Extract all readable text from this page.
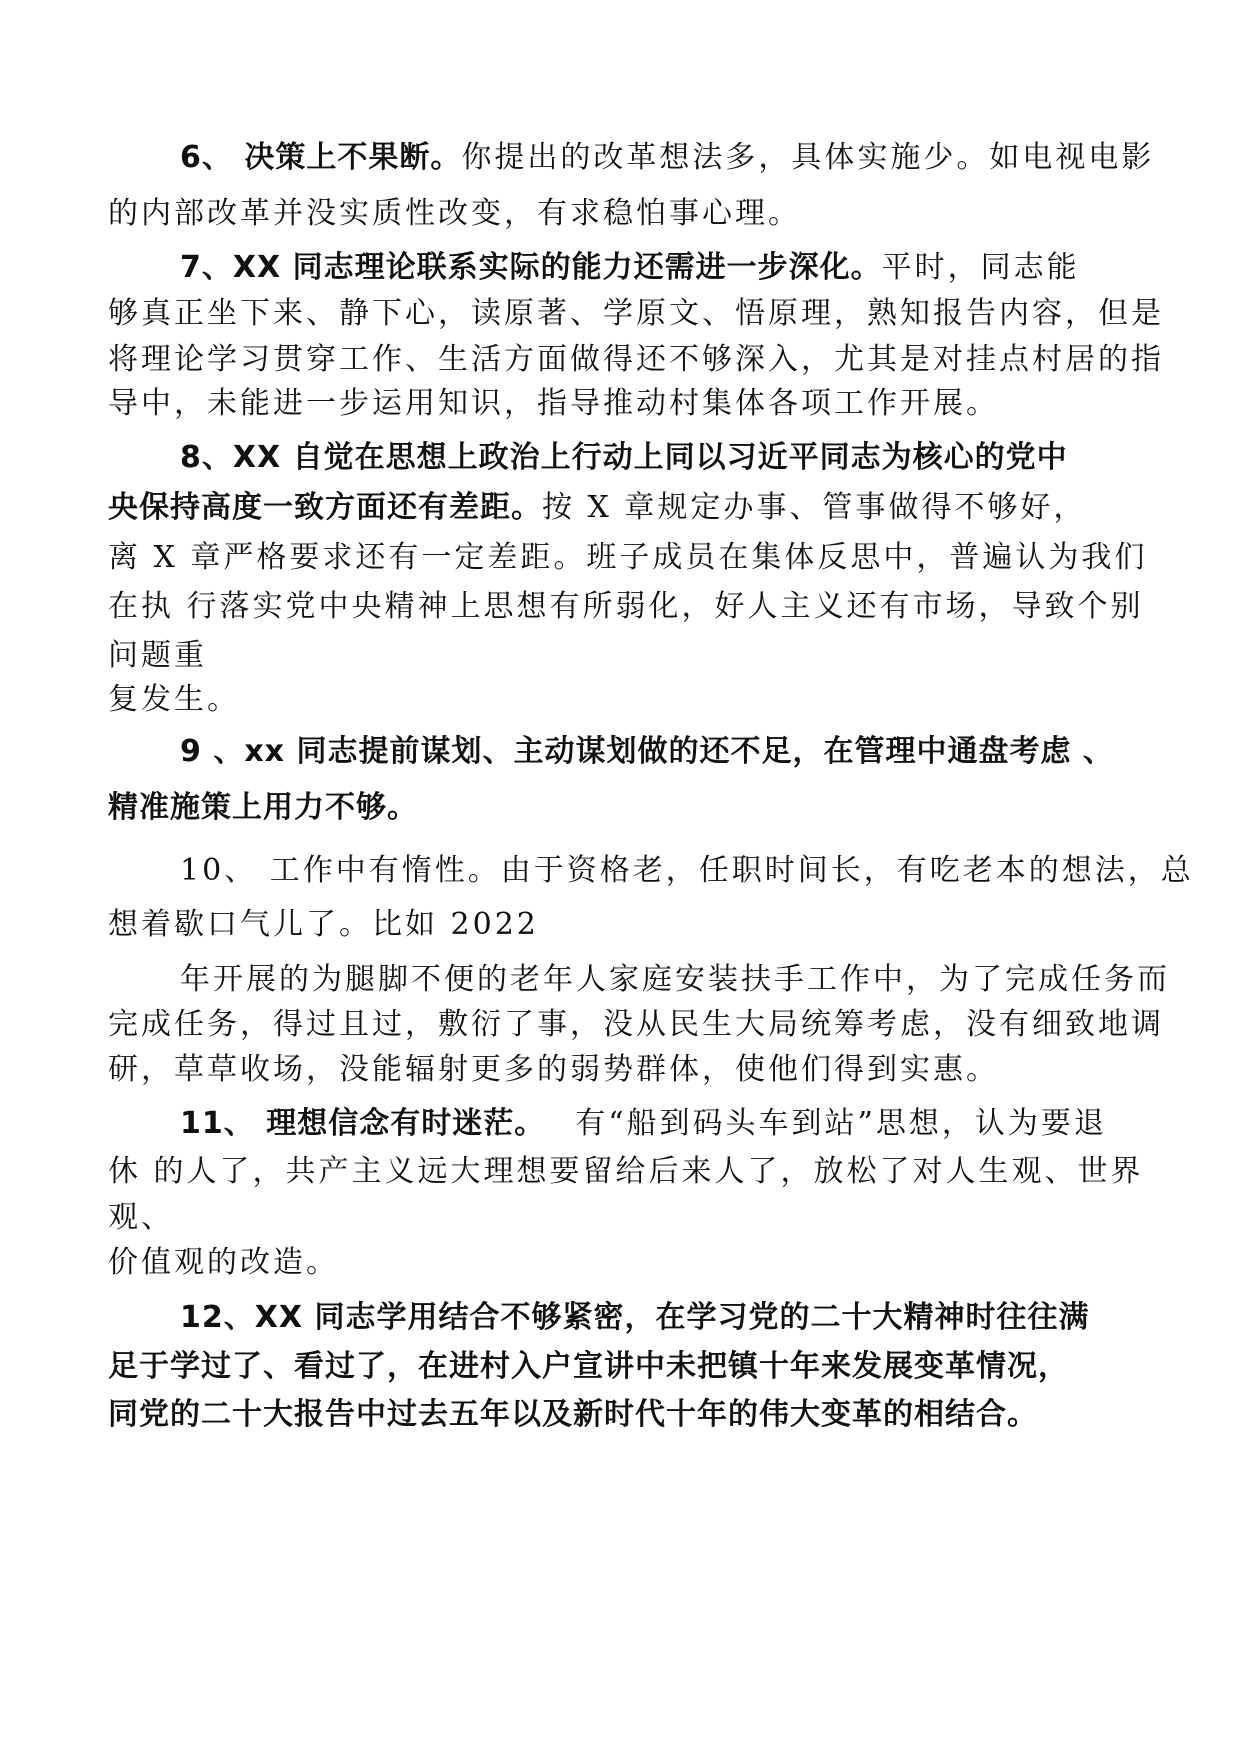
6、 决策上不果断。你提出的改革想法多，具体实施少。如电视电影
的内部改革并没实质性改变，有求稳怕事心理。
7、XX 同志理论联系实际的能力还需进一步深化。平时，同志能
够真正坐下来、静下心，读原著、学原文、悟原理，熟知报告内容，但是
将理论学习贯穿工作、生活方面做得还不够深入，尤其是对挂点村居的指
导中，未能进一步运用知识，指导推动村集体各项工作开展。
8、XX 自觉在思想上政治上行动上同以习近平同志为核心的党中
央保持高度一致方面还有差距。按 X 章规定办事、管事做得不够好，
离 X 章严格要求还有一定差距。班子成员在集体反思中，普遍认为我们
在执 行落实党中央精神上思想有所弱化，好人主义还有市场，导致个别
问题重
复发生。
9 、xx 同志提前谋划、主动谋划做的还不足，在管理中通盘考虑 、
精准施策上用力不够。
10、 工作中有惰性。由于资格老，任职时间长，有吃老本的想法，总
想着歇口气儿了。比如 2022
年开展的为腿脚不便的老年人家庭安装扶手工作中，为了完成任务而
完成任务，得过且过，敷衍了事，没从民生大局统筹考虑，没有细致地调
研，草草收场，没能辐射更多的弱势群体，使他们得到实惠。
11、 理想信念有时迷茫。 有“船到码头车到站”思想，认为要退
休 的人了，共产主义远大理想要留给后来人了，放松了对人生观、世界
观、
价值观的改造。
12、XX 同志学用结合不够紧密，在学习党的二十大精神时往往满
足于学过了、看过了，在进村入户宣讲中未把镇十年来发展变革情况，
同党的二十大报告中过去五年以及新时代十年的伟大变革的相结合。
